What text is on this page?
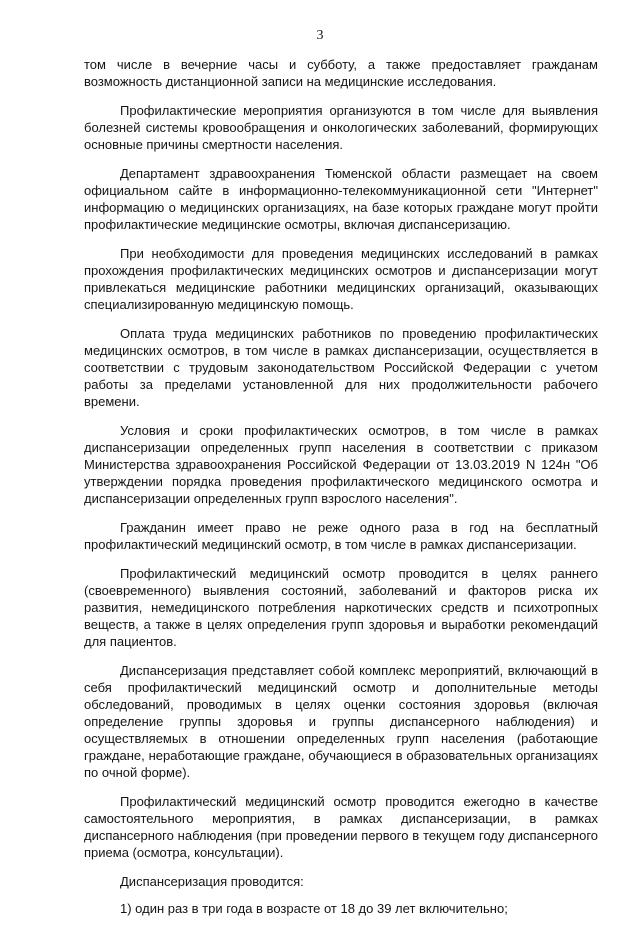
3

том числе в вечерние часы и субботу, а также предоставляет гражданам возможность дистанционной записи на медицинские исследования.

Профилактические мероприятия организуются в том числе для выявления болезней системы кровообращения и онкологических заболеваний, формирующих основные причины смертности населения.

Департамент здравоохранения Тюменской области размещает на своем официальном сайте в информационно-телекоммуникационной сети "Интернет" информацию о медицинских организациях, на базе которых граждане могут пройти профилактические медицинские осмотры, включая диспансеризацию.

При необходимости для проведения медицинских исследований в рамках прохождения профилактических медицинских осмотров и диспансеризации могут привлекаться медицинские работники медицинских организаций, оказывающих специализированную медицинскую помощь.

Оплата труда медицинских работников по проведению профилактических медицинских осмотров, в том числе в рамках диспансеризации, осуществляется в соответствии с трудовым законодательством Российской Федерации с учетом работы за пределами установленной для них продолжительности рабочего времени.

Условия и сроки профилактических осмотров, в том числе в рамках диспансеризации определенных групп населения в соответствии с приказом Министерства здравоохранения Российской Федерации от 13.03.2019 N 124н "Об утверждении порядка проведения профилактического медицинского осмотра и диспансеризации определенных групп взрослого населения".

Гражданин имеет право не реже одного раза в год на бесплатный профилактический медицинский осмотр, в том числе в рамках диспансеризации.

Профилактический медицинский осмотр проводится в целях раннего (своевременного) выявления состояний, заболеваний и факторов риска их развития, немедицинского потребления наркотических средств и психотропных веществ, а также в целях определения групп здоровья и выработки рекомендаций для пациентов.

Диспансеризация представляет собой комплекс мероприятий, включающий в себя профилактический медицинский осмотр и дополнительные методы обследований, проводимых в целях оценки состояния здоровья (включая определение группы здоровья и группы диспансерного наблюдения) и осуществляемых в отношении определенных групп населения (работающие граждане, неработающие граждане, обучающиеся в образовательных организациях по очной форме).

Профилактический медицинский осмотр проводится ежегодно в качестве самостоятельного мероприятия, в рамках диспансеризации, в рамках диспансерного наблюдения (при проведении первого в текущем году диспансерного приема (осмотра, консультации).

Диспансеризация проводится:

1) один раз в три года в возрасте от 18 до 39 лет включительно;
